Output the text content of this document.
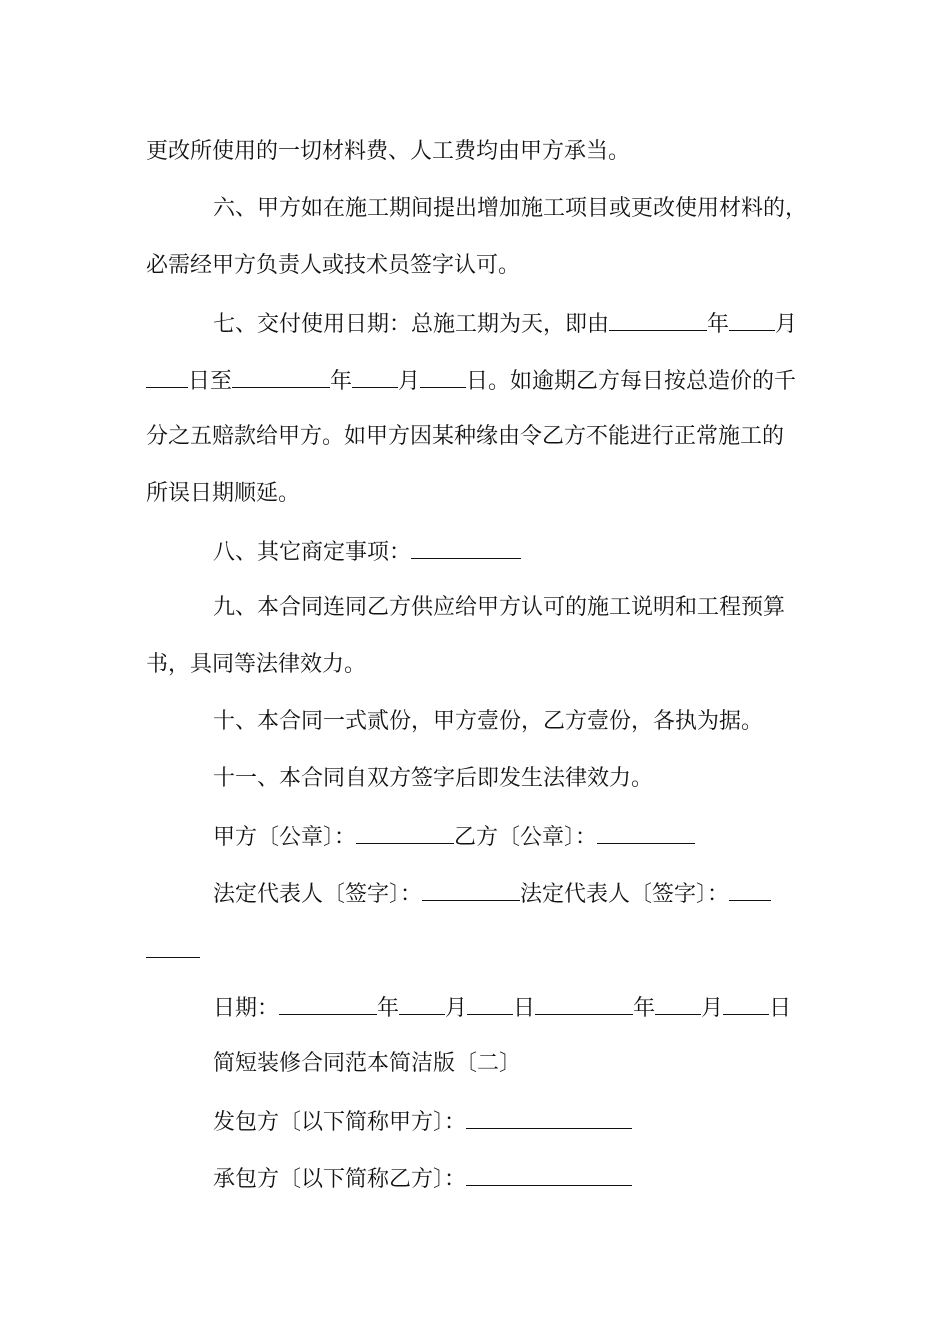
更改所使用的一切材料费、人工费均由甲方承当。
六、甲方如在施工期间提出增加施工项目或更改使用材料的，
必需经甲方负责人或技术员签字认可。
七、交付使用日期：总施工期为天，即由	年 月
日至	年 月 日。如逾期乙方每日按总造价的千
分之五赔款给甲方。如甲方因某种缘由令乙方不能进行正常施工的
所误日期顺延。
八、其它商定事项：
九、本合同连同乙方供应给甲方认可的施工说明和工程预算
书，具同等法律效力。
十、本合同一式贰份，甲方壹份，乙方壹份，各执为据。
十一、本合同自双方签字后即发生法律效力。
甲方〔公章〕：	乙方〔公章〕：
法定代表人〔签字〕：	法定代表人〔签字〕：
日期：	年 月 日	年 月 日
简短装修合同范本简洁版〔二〕
发包方〔以下简称甲方〕：
承包方〔以下简称乙方〕：
